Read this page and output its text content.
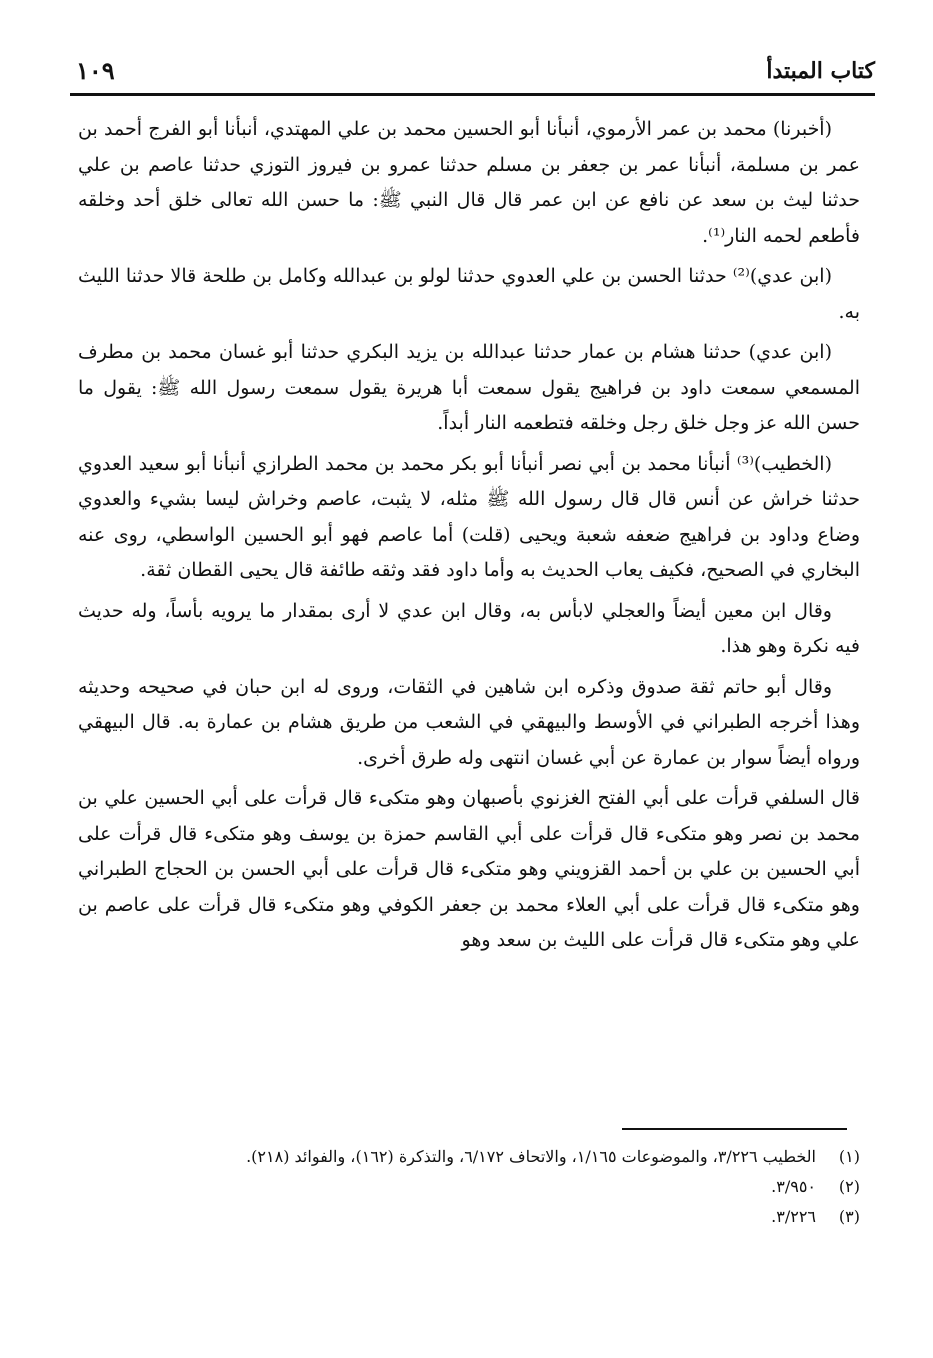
كتاب المبتدأ
١٠٩

(أخبرنا) محمد بن عمر الأرموي، أنبأنا أبو الحسين محمد بن علي المهتدي، أنبأنا أبو الفرج أحمد بن عمر بن مسلمة، أنبأنا عمر بن جعفر بن مسلم حدثنا عمرو بن فيروز التوزي حدثنا عاصم بن علي حدثنا ليث بن سعد عن نافع عن ابن عمر قال قال النبي ﷺ: ما حسن الله تعالى خلق أحد وخلقه فأطعم لحمه النار⁽¹⁾.

(ابن عدي)⁽²⁾ حدثنا الحسن بن علي العدوي حدثنا لولو بن عبدالله وكامل بن طلحة قالا حدثنا الليث به.

(ابن عدي) حدثنا هشام بن عمار حدثنا عبدالله بن يزيد البكري حدثنا أبو غسان محمد بن مطرف المسمعي سمعت داود بن فراهيج يقول سمعت أبا هريرة يقول سمعت رسول الله ﷺ: يقول ما حسن الله عز وجل خلق رجل وخلقه فتطعمه النار أبداً.

(الخطيب)⁽³⁾ أنبأنا محمد بن أبي نصر أنبأنا أبو بكر محمد بن محمد الطرازي أنبأنا أبو سعيد العدوي حدثنا خراش عن أنس قال قال رسول الله ﷺ مثله، لا يثبت، عاصم وخراش ليسا بشيء والعدوي وضاع وداود بن فراهيج ضعفه شعبة ويحيى (قلت) أما عاصم فهو أبو الحسين الواسطي، روى عنه البخاري في الصحيح، فكيف يعاب الحديث به وأما داود فقد وثقه طائفة قال يحيى القطان ثقة.

وقال ابن معين أيضاً والعجلي لابأس به، وقال ابن عدي لا أرى بمقدار ما يرويه بأساً، وله حديث فيه نكرة وهو هذا.

وقال أبو حاتم ثقة صدوق وذكره ابن شاهين في الثقات، وروى له ابن حبان في صحيحه وحديثه وهذا أخرجه الطبراني في الأوسط والبيهقي في الشعب من طريق هشام بن عمارة به. قال البيهقي ورواه أيضاً سوار بن عمارة عن أبي غسان انتهى وله طرق أخرى.

قال السلفي قرأت على أبي الفتح الغزنوي بأصبهان وهو متكىء قال قرأت على أبي الحسين علي بن محمد بن نصر وهو متكىء قال قرأت على أبي القاسم حمزة بن يوسف وهو متكىء قال قرأت على أبي الحسين بن علي بن أحمد القزويني وهو متكىء قال قرأت على أبي الحسن بن الحجاج الطبراني وهو متكىء قال قرأت على أبي العلاء محمد بن جعفر الكوفي وهو متكىء قال قرأت على عاصم بن علي وهو متكىء قال قرأت على الليث بن سعد وهو

(١)
الخطيب ٣/٢٢٦، والموضوعات ١/١٦٥، والاتحاف ٦/١٧٢، والتذكرة (١٦٢)، والفوائد (٢١٨).
(٢)
٣/٩٥٠.
(٣)
٣/٢٢٦.
